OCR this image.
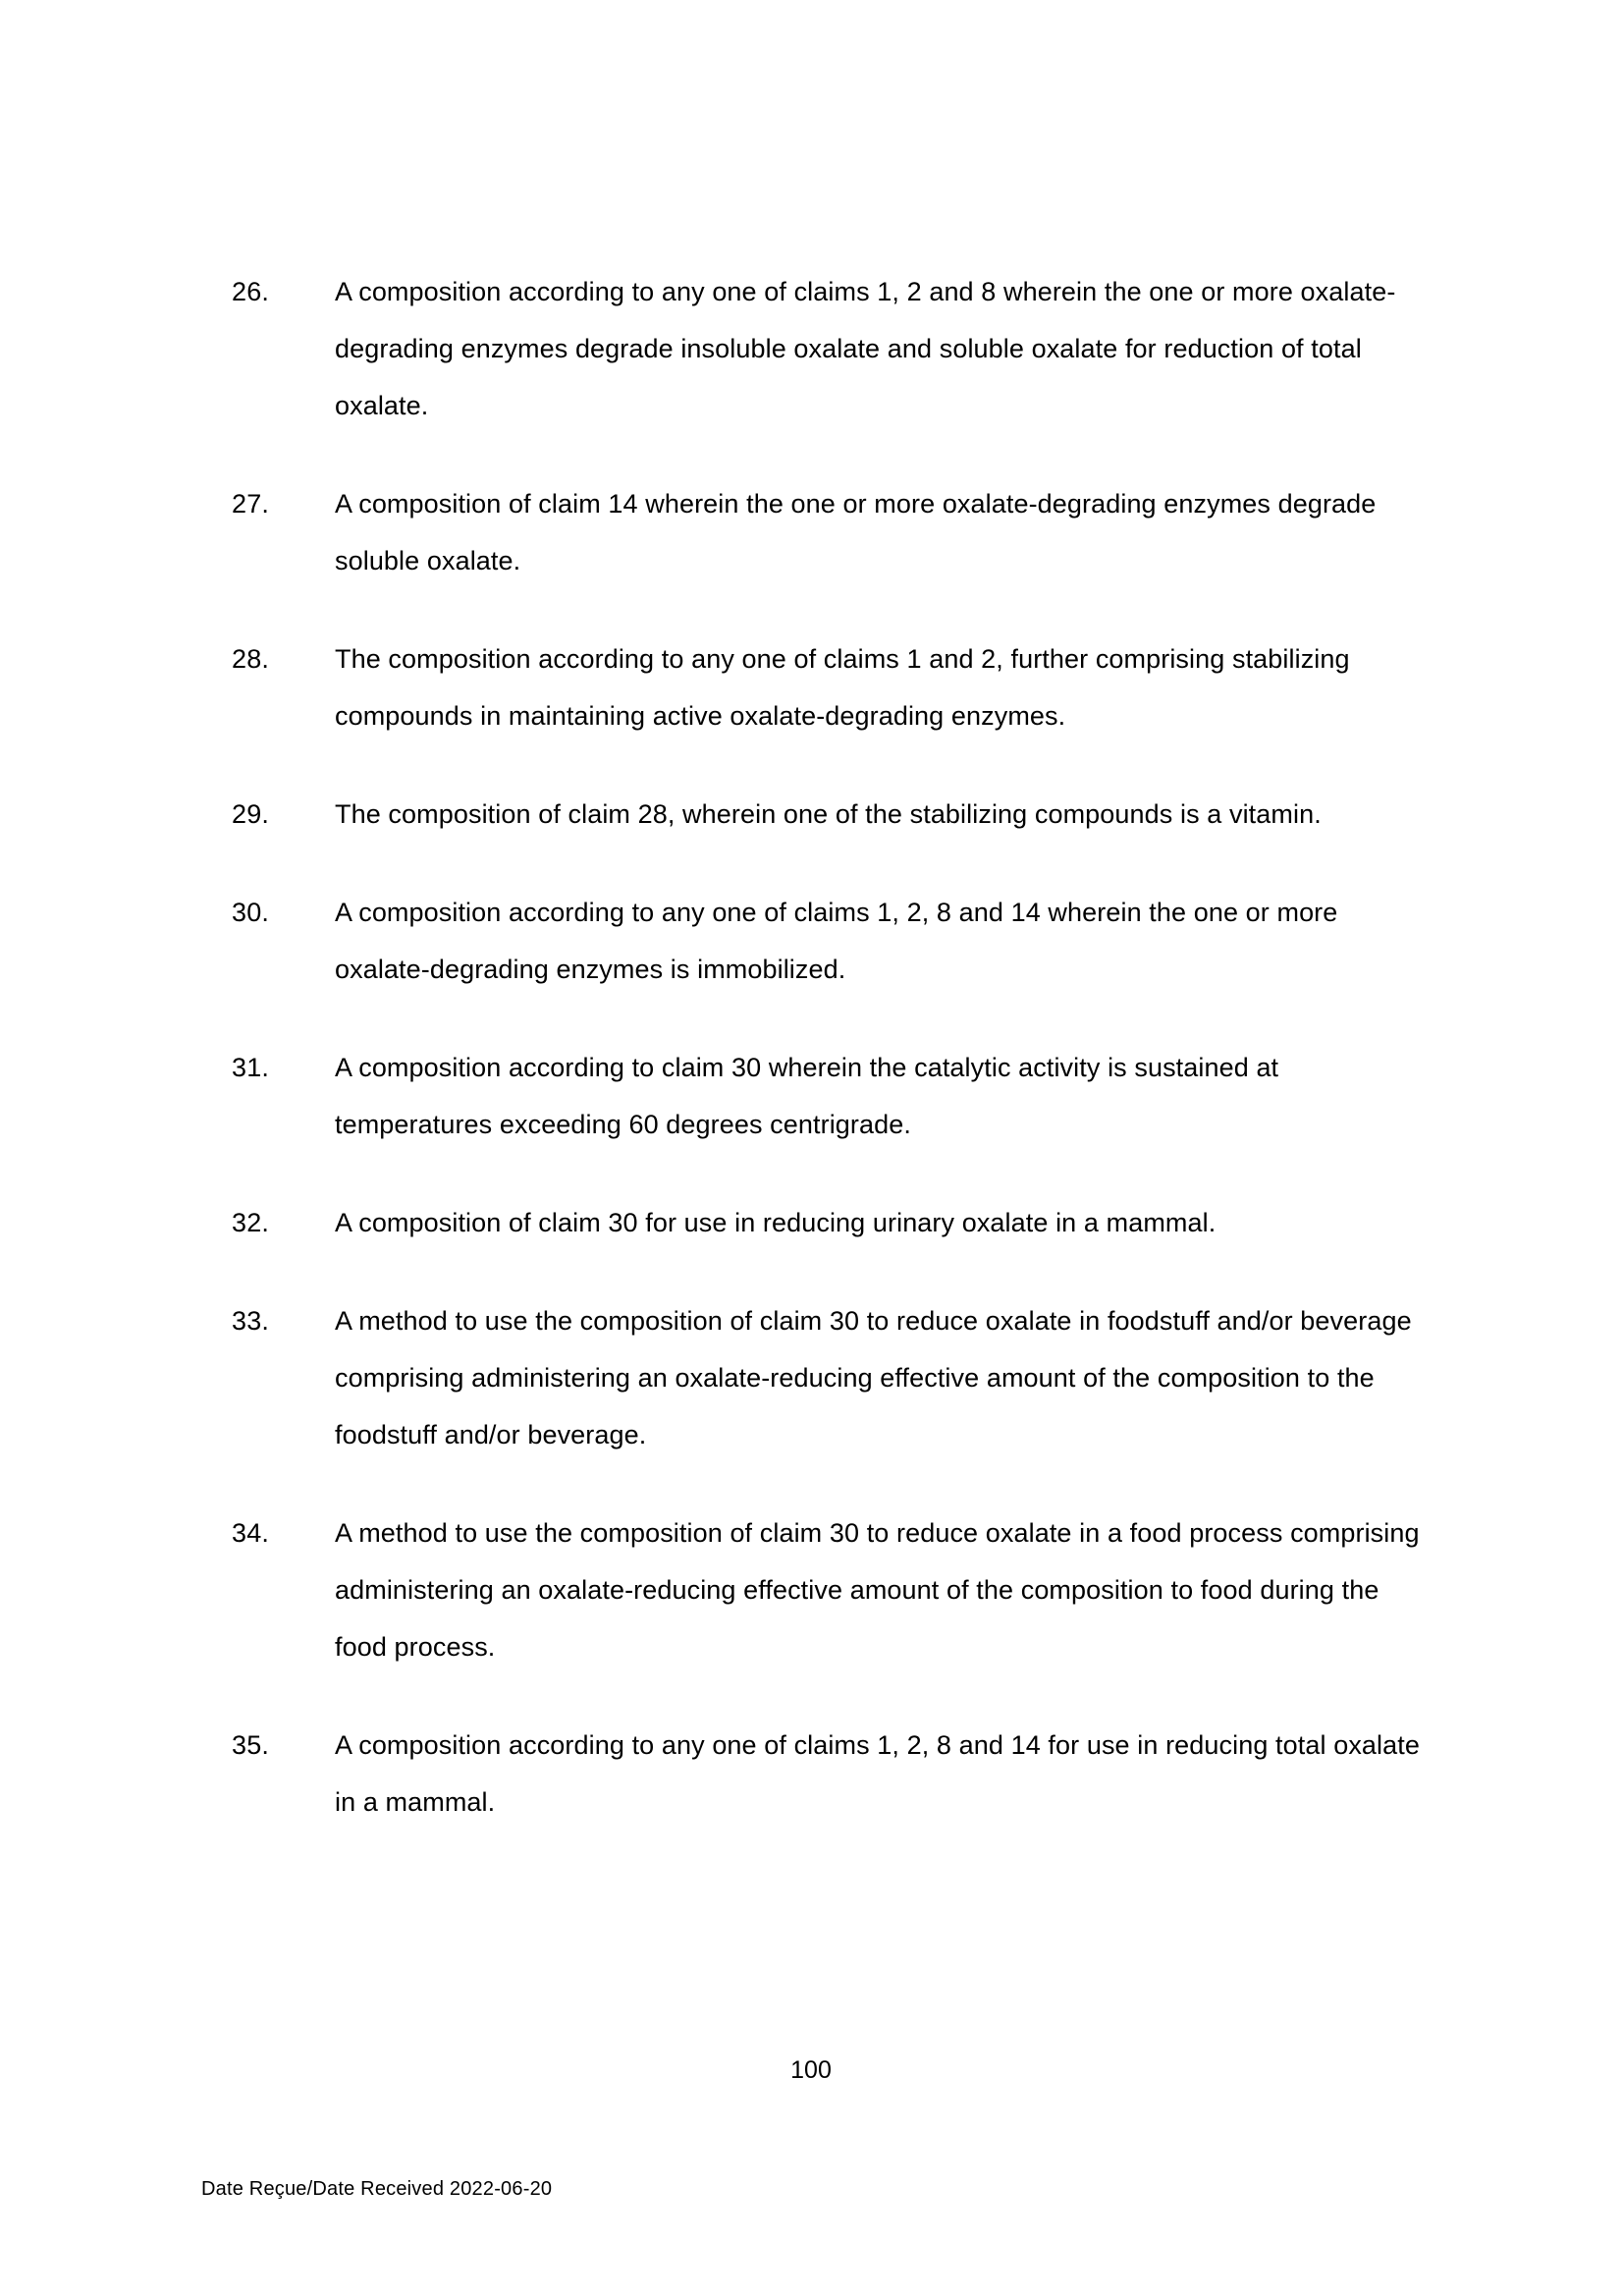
26.	A composition according to any one of claims 1, 2 and 8 wherein the one or more oxalate-degrading enzymes degrade insoluble oxalate and soluble oxalate for reduction of total oxalate.
27.	A composition of claim 14 wherein the one or more oxalate-degrading enzymes degrade soluble oxalate.
28.	The composition according to any one of claims 1 and 2, further comprising stabilizing compounds in maintaining active oxalate-degrading enzymes.
29.	The composition of claim 28, wherein one of the stabilizing compounds is a vitamin.
30.	A composition according to any one of claims 1, 2, 8 and 14 wherein the one or more oxalate-degrading enzymes is immobilized.
31.	A composition according to claim 30 wherein the catalytic activity is sustained at temperatures exceeding 60 degrees centrigrade.
32.	A composition of claim 30 for use in reducing urinary oxalate in a mammal.
33.	A method to use the composition of claim 30 to reduce oxalate in foodstuff and/or beverage comprising administering an oxalate-reducing effective amount of the composition to the foodstuff and/or beverage.
34.	A method to use the composition of claim 30 to reduce oxalate in a food process comprising administering an oxalate-reducing effective amount of the composition to food during the food process.
35.	A composition according to any one of claims 1, 2, 8 and 14 for use in reducing total oxalate in a mammal.
100
Date Reçue/Date Received 2022-06-20
